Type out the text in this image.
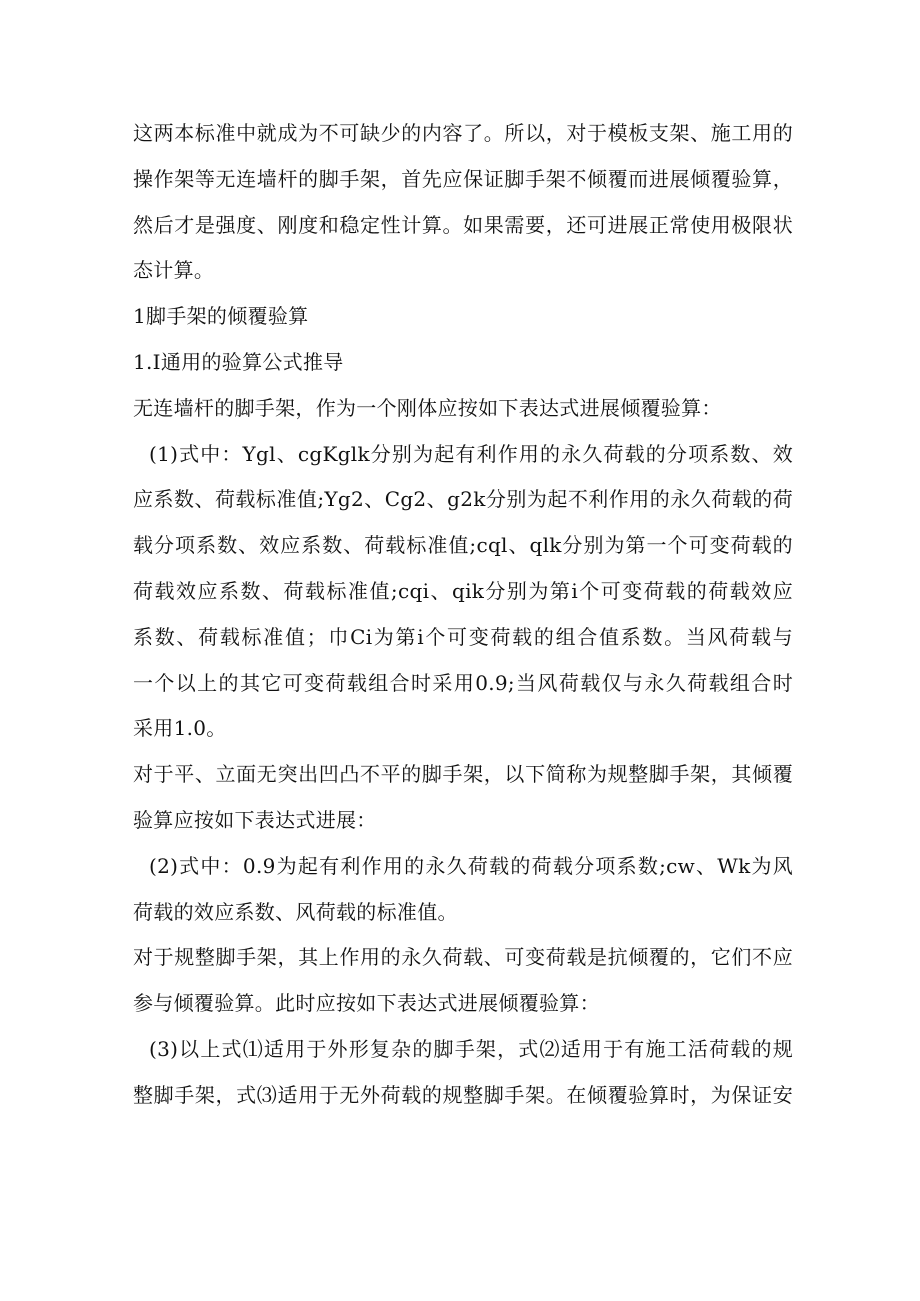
这两本标准中就成为不可缺少的内容了。所以，对于模板支架、施工用的
操作架等无连墙杆的脚手架，首先应保证脚手架不倾覆而进展倾覆验算，
然后才是强度、刚度和稳定性计算。如果需要，还可进展正常使用极限状
态计算。
1脚手架的倾覆验算
1.I通用的验算公式推导
无连墙杆的脚手架，作为一个刚体应按如下表达式进展倾覆验算：
(1)式中：Ygl、cgKglk分别为起有利作用的永久荷载的分项系数、效
应系数、荷载标准值;Yg2、Cg2、g2k分别为起不利作用的永久荷载的荷
载分项系数、效应系数、荷载标准值;cql、qlk分别为第一个可变荷载的
荷载效应系数、荷载标准值;cqi、qik分别为第i个可变荷载的荷载效应
系数、荷载标准值；巾Ci为第i个可变荷载的组合值系数。当风荷载与
一个以上的其它可变荷载组合时采用0.9;当风荷载仅与永久荷载组合时
采用1.0。
对于平、立面无突出凹凸不平的脚手架，以下简称为规整脚手架，其倾覆
验算应按如下表达式进展：
(2)式中：0.9为起有利作用的永久荷载的荷载分项系数;cw、Wk为风
荷载的效应系数、风荷载的标准值。
对于规整脚手架，其上作用的永久荷载、可变荷载是抗倾覆的，它们不应
参与倾覆验算。此时应按如下表达式进展倾覆验算：
(3)以上式⑴适用于外形复杂的脚手架，式⑵适用于有施工活荷载的规
整脚手架，式⑶适用于无外荷载的规整脚手架。在倾覆验算时，为保证安
